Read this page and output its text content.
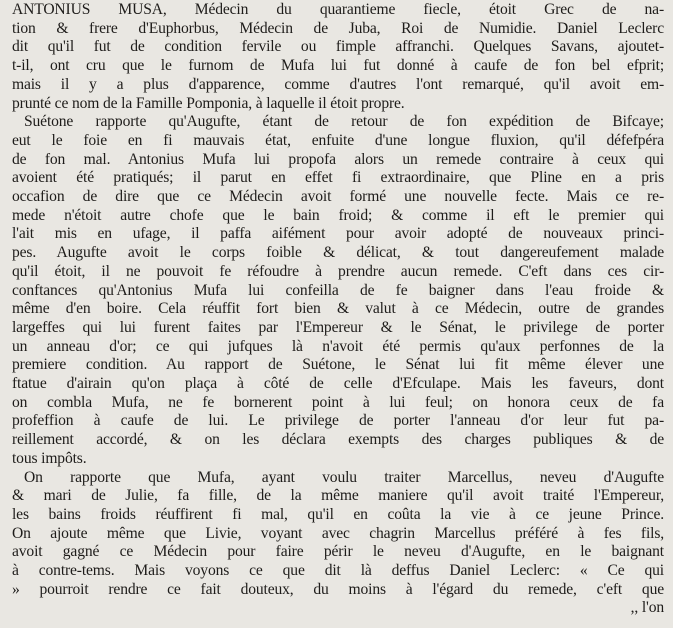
ANTONIUS MUSA, Médecin du quarantieme fiecle, étoit Grec de na-
tion & frere d'Euphorbus, Médecin de Juba, Roi de Numidie. Daniel Leclerc
dit qu'il fut de condition fervile ou fimple affranchi. Quelques Savans, ajoutet-
t-il, ont cru que le furnom de Mufa lui fut donné à caufe de fon bel efprit;
mais il y a plus d'apparence, comme d'autres l'ont remarqué, qu'il avoit em-
prunté ce nom de la Famille Pomponia, à laquelle il étoit propre.
Suétone rapporte qu'Augufte, étant de retour de fon expédition de Bifcaye;
eut le foie en fi mauvais état, enfuite d'une longue fluxion, qu'il défefpéra
de fon mal. Antonius Mufa lui propofa alors un remede contraire à ceux qui
avoient été pratiqués; il parut en effet fi extraordinaire, que Pline en a pris
occafion de dire que ce Médecin avoit formé une nouvelle fecte. Mais ce re-
mede n'étoit autre chofe que le bain froid; & comme il eft le premier qui
l'ait mis en ufage, il paffa aifément pour avoir adopté de nouveaux princi-
pes. Augufte avoit le corps foible & délicat, & tout dangereufement malade
qu'il étoit, il ne pouvoit fe réfoudre à prendre aucun remede. C'eft dans ces cir-
conftances qu'Antonius Mufa lui confeilla de fe baigner dans l'eau froide &
même d'en boire. Cela réuffit fort bien & valut à ce Médecin, outre de grandes
largeffes qui lui furent faites par l'Empereur & le Sénat, le privilege de porter
un anneau d'or; ce qui jufques là n'avoit été permis qu'aux perfonnes de la
premiere condition. Au rapport de Suétone, le Sénat lui fit même élever une
ftatue d'airain qu'on plaça à côté de celle d'Efculape. Mais les faveurs, dont
on combla Mufa, ne fe bornerent point à lui feul; on honora ceux de fa
profeffion à caufe de lui. Le privilege de porter l'anneau d'or leur fut pa-
reillement accordé, & on les déclara exempts des charges publiques & de
tous impôts.
On rapporte que Mufa, ayant voulu traiter Marcellus, neveu d'Augufte
& mari de Julie, fa fille, de la même maniere qu'il avoit traité l'Empereur,
les bains froids réuffirent fi mal, qu'il en coûta la vie à ce jeune Prince.
On ajoute même que Livie, voyant avec chagrin Marcellus préféré à fes fils,
avoit gagné ce Médecin pour faire périr le neveu d'Augufte, en le baignant
à contre-tems. Mais voyons ce que dit là deffus Daniel Leclerc: « Ce qui
» pourroit rendre ce fait douteux, du moins à l'égard du remede, c'eft que
,, l'on
